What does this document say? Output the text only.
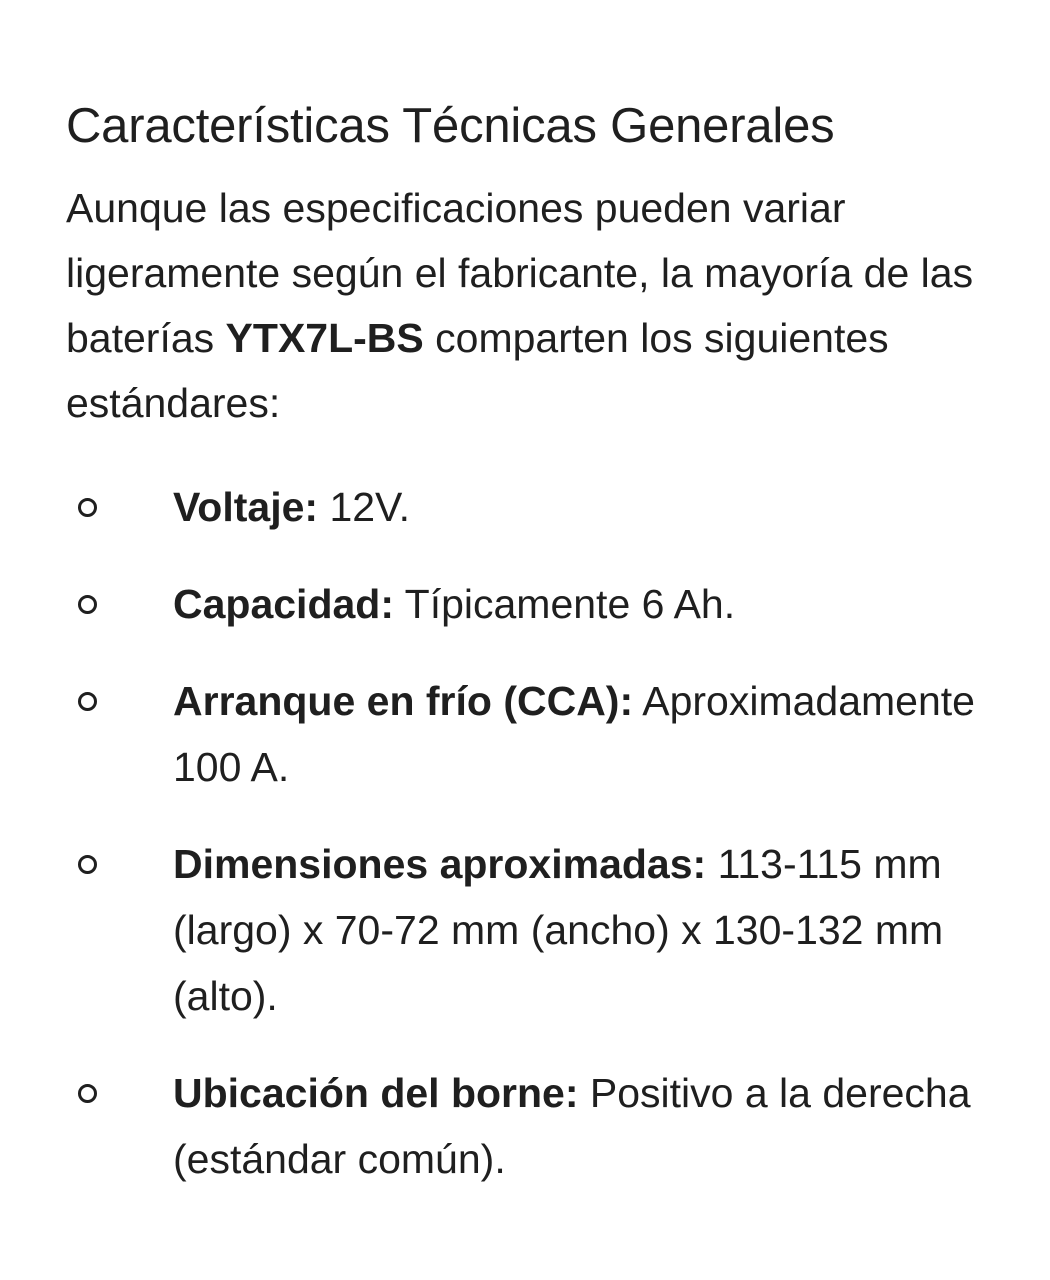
Características Técnicas Generales

Aunque las especificaciones pueden variar ligeramente según el fabricante, la mayoría de las baterías YTX7L-BS comparten los siguientes estándares:

Voltaje: 12V.
Capacidad: Típicamente 6 Ah.
Arranque en frío (CCA): Aproximadamente 100 A.
Dimensiones aproximadas: 113-115 mm (largo) x 70-72 mm (ancho) x 130-132 mm (alto).
Ubicación del borne: Positivo a la derecha (estándar común).
